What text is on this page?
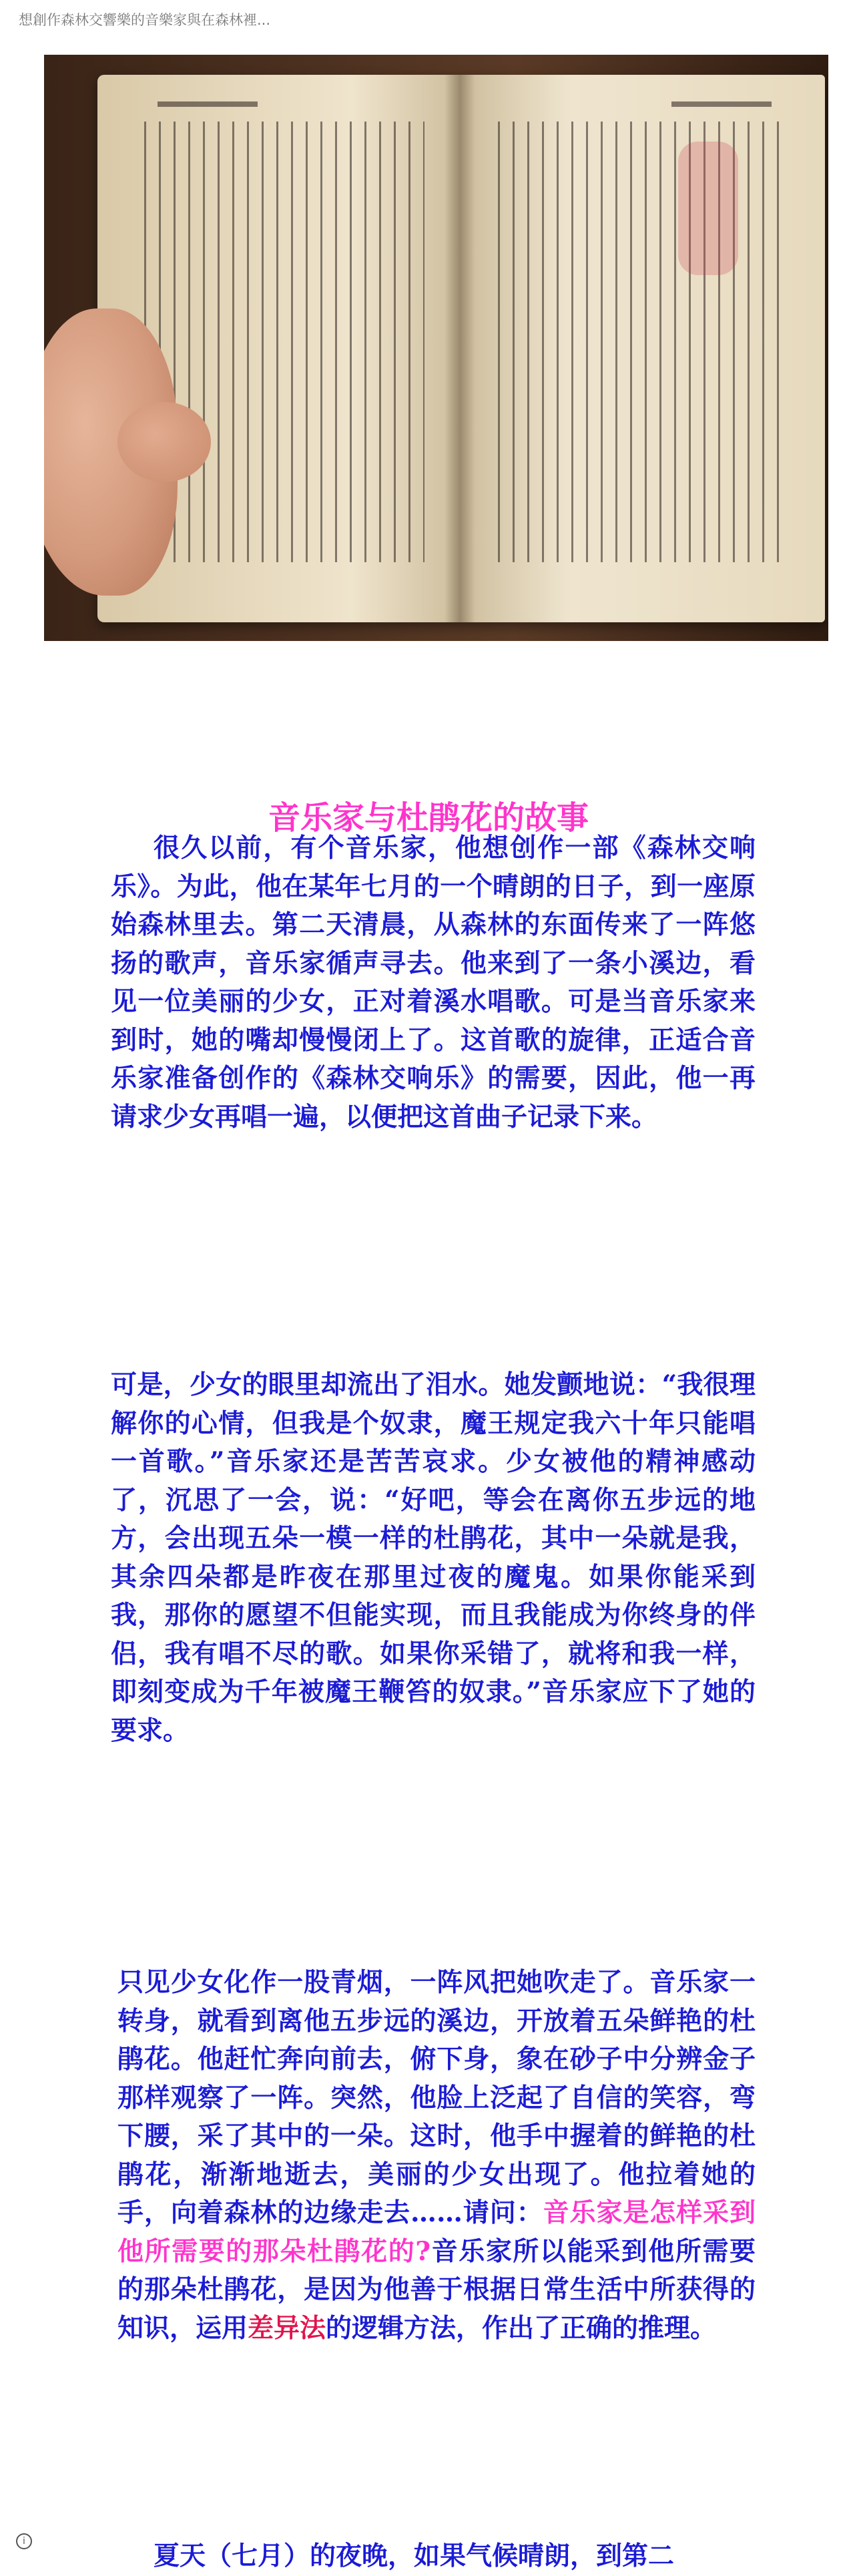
想創作森林交響樂的音樂家與在森林裡...
音乐家与杜鹃花的故事

很久以前，有个音乐家，他想创作一部《森林交响乐》。为此，他在某年七月的一个晴朗的日子，到一座原始森林里去。第二天清晨，从森林的东面传来了一阵悠扬的歌声，音乐家循声寻去。他来到了一条小溪边，看见一位美丽的少女，正对着溪水唱歌。可是当音乐家来到时，她的嘴却慢慢闭上了。这首歌的旋律，正适合音乐家准备创作的《森林交响乐》的需要，因此，他一再请求少女再唱一遍，以便把这首曲子记录下来。

可是，少女的眼里却流出了泪水。她发颤地说：“我很理解你的心情，但我是个奴隶，魔王规定我六十年只能唱一首歌。”音乐家还是苦苦哀求。少女被他的精神感动了，沉思了一会，说：“好吧，等会在离你五步远的地方，会出现五朵一模一样的杜鹃花，其中一朵就是我，其余四朵都是昨夜在那里过夜的魔鬼。如果你能采到我，那你的愿望不但能实现，而且我能成为你终身的伴侣，我有唱不尽的歌。如果你采错了，就将和我一样，即刻变成为千年被魔王鞭笞的奴隶。”音乐家应下了她的要求。

只见少女化作一股青烟，一阵风把她吹走了。音乐家一转身，就看到离他五步远的溪边，开放着五朵鲜艳的杜鹃花。他赶忙奔向前去，俯下身，象在砂子中分辨金子那样观察了一阵。突然，他脸上泛起了自信的笑容，弯下腰，采了其中的一朵。这时，他手中握着的鲜艳的杜鹃花，渐渐地逝去，美丽的少女出现了。他拉着她的手，向着森林的边缘走去……请问：音乐家是怎样采到他所需要的那朵杜鹃花的?音乐家所以能采到他所需要的那朵杜鹃花，是因为他善于根据日常生活中所获得的知识，运用差异法的逻辑方法，作出了正确的推理。

夏天（七月）的夜晚，如果气候晴朗，到第二

i
